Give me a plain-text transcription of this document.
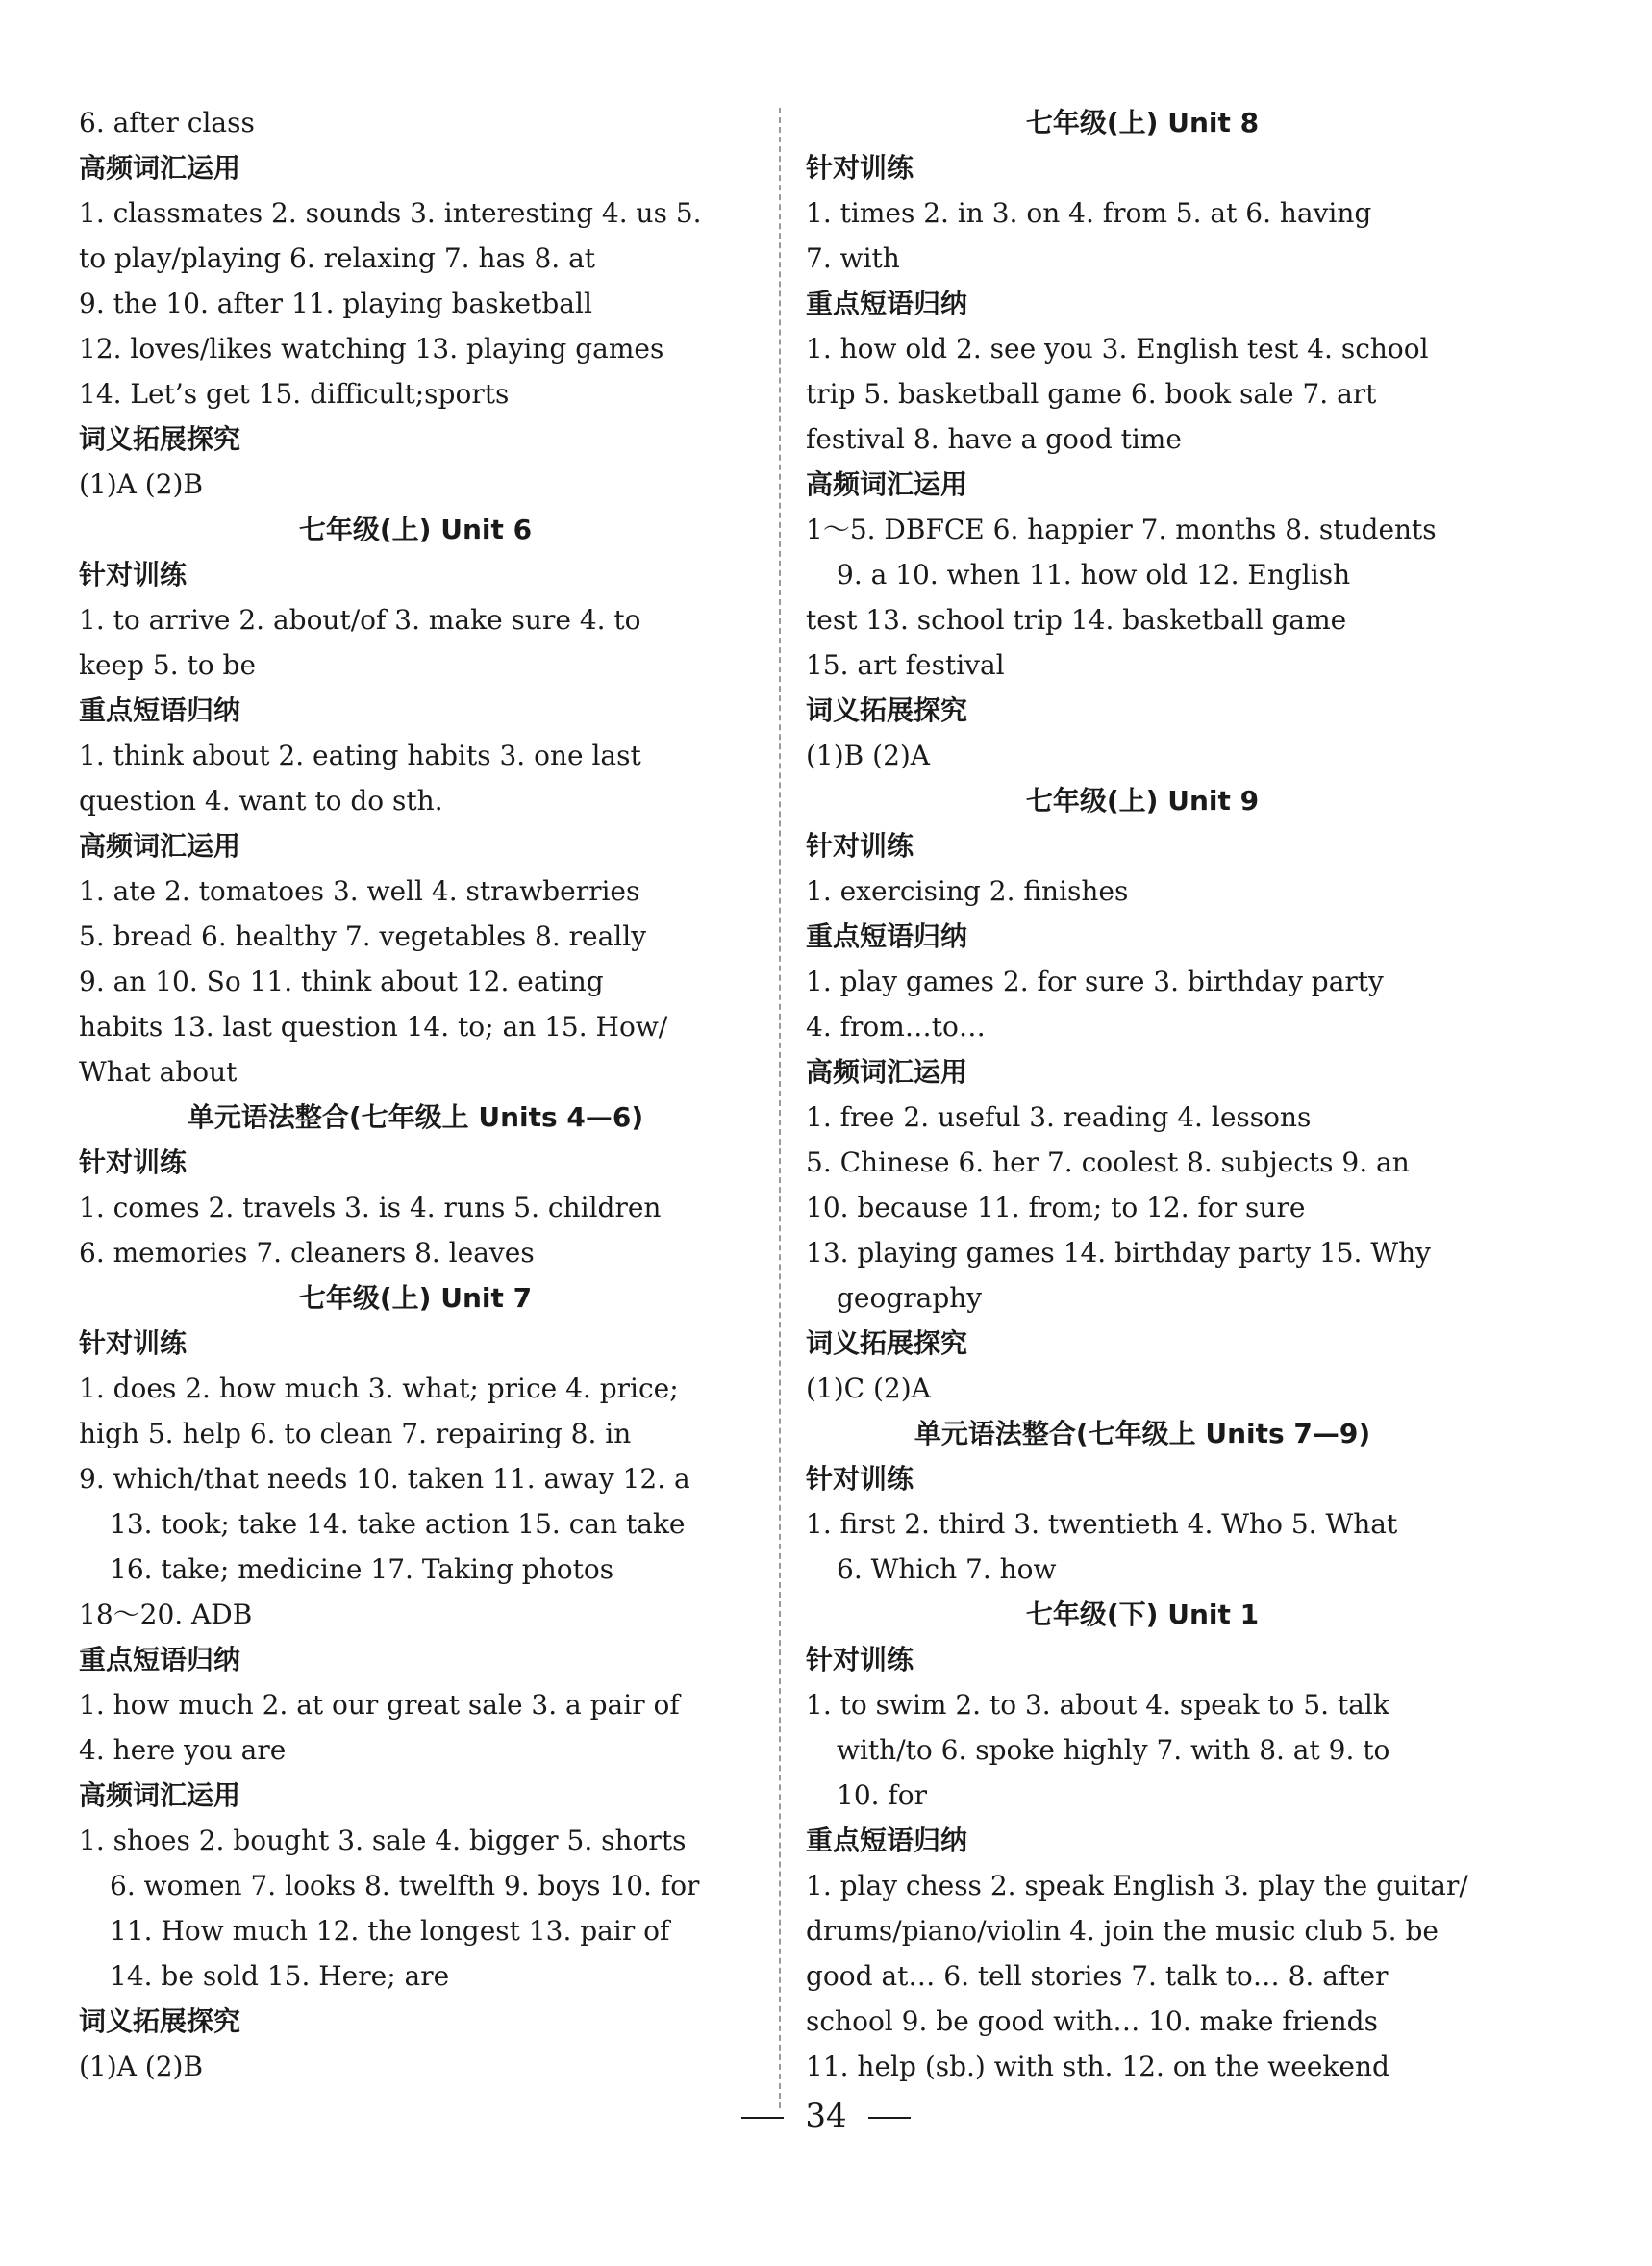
6. after class
高频词汇运用
1. classmates 2. sounds 3. interesting 4. us 5.
to play/playing 6. relaxing 7. has 8. at
9. the 10. after 11. playing basketball
12. loves/likes watching 13. playing games
14. Let’s get 15. difficult;sports
词义拓展探究
(1)A (2)B
七年级(上) Unit 6
针对训练
1. to arrive 2. about/of 3. make sure 4. to
keep 5. to be
重点短语归纳
1. think about 2. eating habits 3. one last
question 4. want to do sth.
高频词汇运用
1. ate 2. tomatoes 3. well 4. strawberries
5. bread 6. healthy 7. vegetables 8. really
9. an 10. So 11. think about 12. eating
habits 13. last question 14. to; an 15. How/
What about
单元语法整合(七年级上 Units 4—6)
针对训练
1. comes 2. travels 3. is 4. runs 5. children
6. memories 7. cleaners 8. leaves
七年级(上) Unit 7
针对训练
1. does 2. how much 3. what; price 4. price;
high 5. help 6. to clean 7. repairing 8. in
9. which/that needs 10. taken 11. away 12. a
13. took; take 14. take action 15. can take
16. take; medicine 17. Taking photos
18～20. ADB
重点短语归纳
1. how much 2. at our great sale 3. a pair of
4. here you are
高频词汇运用
1. shoes 2. bought 3. sale 4. bigger 5. shorts
6. women 7. looks 8. twelfth 9. boys 10. for
11. How much 12. the longest 13. pair of
14. be sold 15. Here; are
词义拓展探究
(1)A (2)B
七年级(上) Unit 8
针对训练
1. times 2. in 3. on 4. from 5. at 6. having
7. with
重点短语归纳
1. how old 2. see you 3. English test 4. school
trip 5. basketball game 6. book sale 7. art
festival 8. have a good time
高频词汇运用
1～5. DBFCE 6. happier 7. months 8. students
9. a 10. when 11. how old 12. English
test 13. school trip 14. basketball game
15. art festival
词义拓展探究
(1)B (2)A
七年级(上) Unit 9
针对训练
1. exercising 2. finishes
重点短语归纳
1. play games 2. for sure 3. birthday party
4. from…to…
高频词汇运用
1. free 2. useful 3. reading 4. lessons
5. Chinese 6. her 7. coolest 8. subjects 9. an
10. because 11. from; to 12. for sure
13. playing games 14. birthday party 15. Why
geography
词义拓展探究
(1)C (2)A
单元语法整合(七年级上 Units 7—9)
针对训练
1. first 2. third 3. twentieth 4. Who 5. What
6. Which 7. how
七年级(下) Unit 1
针对训练
1. to swim 2. to 3. about 4. speak to 5. talk
with/to 6. spoke highly 7. with 8. at 9. to
10. for
重点短语归纳
1. play chess 2. speak English 3. play the guitar/
drums/piano/violin 4. join the music club 5. be
good at… 6. tell stories 7. talk to… 8. after
school 9. be good with… 10. make friends
11. help (sb.) with sth. 12. on the weekend
34
